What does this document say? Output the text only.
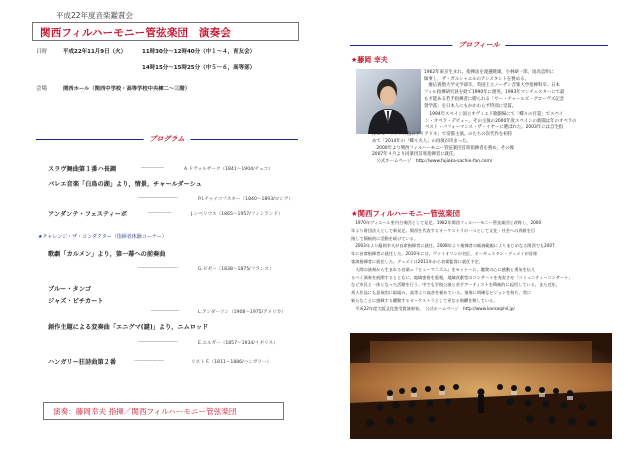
平成22年度音楽鑑賞会
関西フィルハーモニー管弦楽団　演奏会
日時	平成22年11月9日（火）	11時30分～12時40分（中１～４，育友会）
14時15分～15時25分（中５～６，高等部）
会場	関西ホール（関西中学校・高等学校中央棟二～三階）
プログラム
スラヴ舞曲第１番ハ長調	--------------	A.ドヴォルザーク（1841～1904/チェコ）
バレエ音楽「白鳥の湖」より，情景，チャールダーシュ
------------------------	P.I.チャイコフスキー（1840～1893/ロシア）
アンダンテ・フェスティーボ	--------------	J.シベリウス（1865～1957/フィンランド）
★チャレンジ・ザ・コンダクター（指揮者体験コーナー）
歌劇「カルメン」より，第一幕への前奏曲
------------------------	G.ビゼー（1838～1875/フランス）
ブルー・タンゴ
ジャズ・ピチカート
-----------------	L.アンダーソン（1908～1975/アメリカ）
創作主題による変奏曲「エニグマ(謎)」より，ニムロッド
------------------------	E.エルガー（1857～1934/イギリス）
ハンガリー狂詩曲第２番	------------------	リスト F.（1811～1886/ハンガリー）
演奏：藤岡幸夫 指揮／関西フィルハーモニー管弦楽団
プロフィール
★藤岡 幸夫
1962年東京生まれ。指揮法を渡邉暁雄，小林研一郎，尾高忠明に
師事し，ザ・ガルシャエルのアシスタントを務める。
　慶応義塾大学文学部卒，英国王立ノーザン音楽大学指揮科卒。日本
フィル指揮研究員を経て1990年に渡英。1993年マンチェスターにて最
も才能ある若手指揮者に贈られる「サー・チャールズ・グローヴズ記念
奨学賞」を日本人にもかかわらず特別に受賞。
　1994年スペイン国立オヴィエド歌劇場にて「蝶々の目覚」でスペイ
ン・オペラ・デビュー。その主演の2000年度スペインの新聞は年のオペラの
ベスト・パフォーマンス・ザ・イヤーに選ばれた。2003年には自宅指
揮にて「サクソス島のアリアドネ」で帝都主演。のたちの次代作を初持
めて「2014年の「蝶々夫人」の再演が決まった。
　2000年より関西フィルハーモニー管弦楽団首席指揮者を務め，その後
2007年４月より同楽団首席指揮者に就任。
　公式ホームページ　http://www.fujioka-sachio-fan.com/
★関西フィルハーモニー管弦楽団
　1970年ヴィエール室内合奏団として発足。1982年関西フィルハーモニー管弦楽団と改称し，2000
年より財団法人として新発足。関西を代表するオーケストラの一つとして文化・社会への貢献を目
指して積極的に活動を続けている。
　2003年より藤岡幸夫が首席指揮者に就任。2008年より指揮者の飯森範親によりまじめなる関西でも2007
年に首席指揮者に就任した。2010年には，ヴァイオリンの名匠，オーギュスタン・デュメイが首席
客演指揮者に就任した。デュメイは2011年から音楽監督に就任予定。
　人間の演奏から生まれる音楽＝『ヒューマニズム』をモットーに，聴衆の心に感動と勇気を伝え
るべく演奏を展開するとともに，地域密着を重視，地域貢献型のコンサートを充実させ「コミュニティーコンサート」
など市民と一体となった活動を行う。中でも学校公演と若手アーティストを積極的に起用している。また近年，
邦人作品にも意欲的に取組み，高等より高音を極めている。演奏に明確なビジョンを持ち，常に
新たなことに挑戦する躍動するオーケストラとして更なる飛躍を期している。
　平成22年度大阪文化賞受賞演奏家。　公式ホームページ　http://www.kansaiphil.jp/
